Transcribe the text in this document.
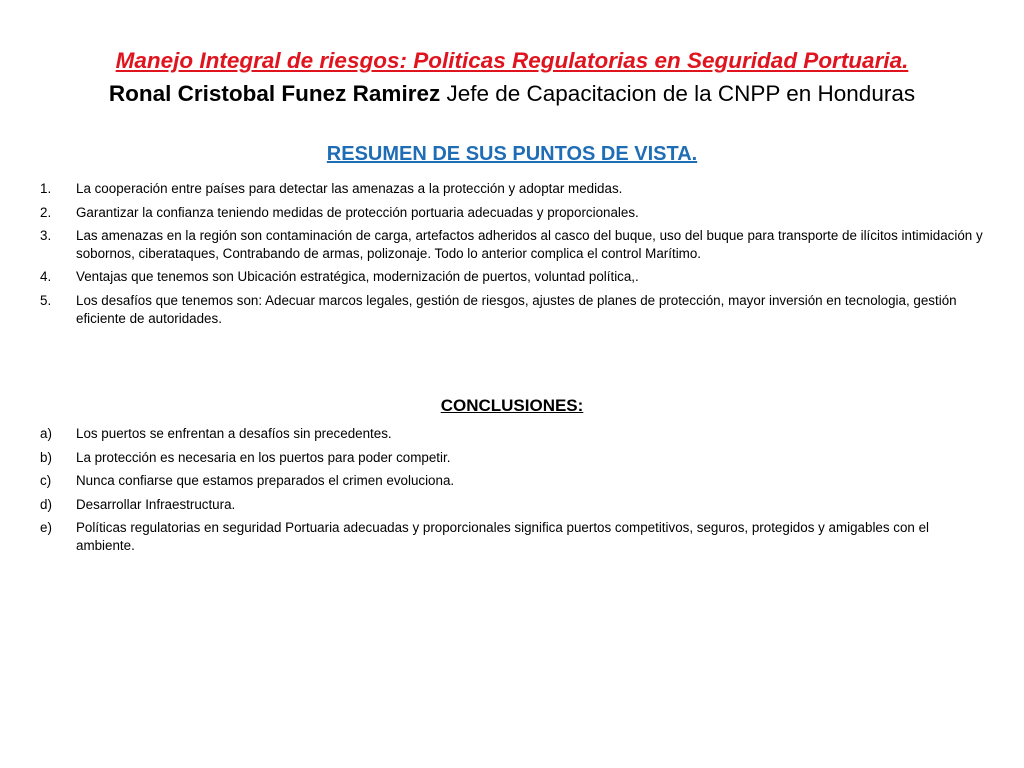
Manejo Integral de riesgos: Politicas Regulatorias en Seguridad Portuaria.
Ronal Cristobal Funez Ramirez Jefe de Capacitacion de la CNPP en Honduras
RESUMEN DE SUS PUNTOS DE VISTA.
1.	La cooperación entre países para detectar las amenazas a la protección y adoptar medidas.
2.	Garantizar la confianza teniendo medidas de protección portuaria adecuadas y proporcionales.
3.	Las amenazas en la región son contaminación de carga, artefactos adheridos al casco del buque, uso del buque para transporte de ilícitos intimidación y sobornos, ciberataques, Contrabando de armas, polizonaje. Todo lo anterior complica el control Marítimo.
4.	Ventajas que tenemos son Ubicación estratégica, modernización de puertos, voluntad política,.
5.	Los desafíos que tenemos son: Adecuar marcos legales, gestión de riesgos, ajustes de planes de protección, mayor inversión en tecnologia, gestión eficiente de autoridades.
CONCLUSIONES:
a)	Los puertos se enfrentan a desafíos sin precedentes.
b)	La protección es necesaria en los puertos para poder competir.
c)	Nunca confiarse que estamos preparados el crimen evoluciona.
d)	Desarrollar Infraestructura.
e)	Políticas regulatorias en seguridad Portuaria adecuadas y proporcionales significa puertos competitivos, seguros, protegidos y amigables con el ambiente.
